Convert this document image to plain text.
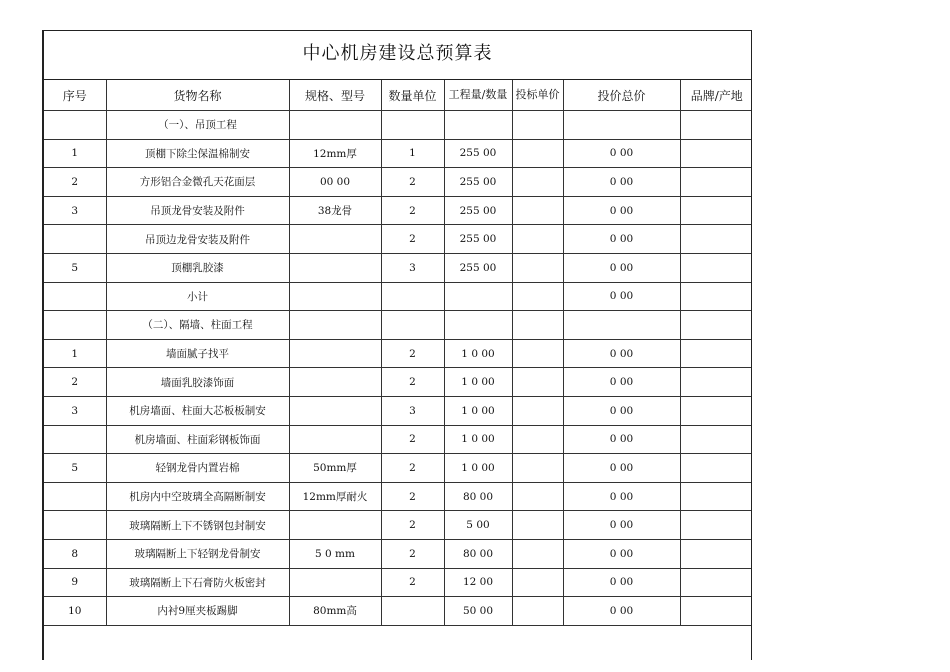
中心机房建设总预算表
序号	货物名称	规格、型号	数量单位	工程量/数量	投标单价	投价总价	品牌/产地
	（一）、吊顶工程						
1	顶棚下除尘保温棉制安	12mm厚	1	255 00		0 00	
2	方形铝合金微孔天花面层	00 00	2	255 00		0 00	
3	吊顶龙骨安装及附件	38龙骨	2	255 00		0 00	
	吊顶边龙骨安装及附件		2	255 00		0 00	
5	顶棚乳胶漆		3	255 00		0 00	
	小计					0 00	
	（二）、隔墙、柱面工程						
1	墙面腻子找平		2	1 0 00		0 00	
2	墙面乳胶漆饰面		2	1 0 00		0 00	
3	机房墙面、柱面大芯板板制安		3	1 0 00		0 00	
	机房墙面、柱面彩钢板饰面		2	1 0 00		0 00	
5	轻钢龙骨内置岩棉	50mm厚	2	1 0 00		0 00	
	机房内中空玻璃全高隔断制安	12mm厚耐火	2	80 00		0 00	
	玻璃隔断上下不锈钢包封制安		2	5 00		0 00	
8	玻璃隔断上下轻钢龙骨制安	5 0 mm	2	80 00		0 00	
9	玻璃隔断上下石膏防火板密封		2	12 00		0 00	
10	内衬9厘夹板踢脚	80mm高		50 00		0 00	
